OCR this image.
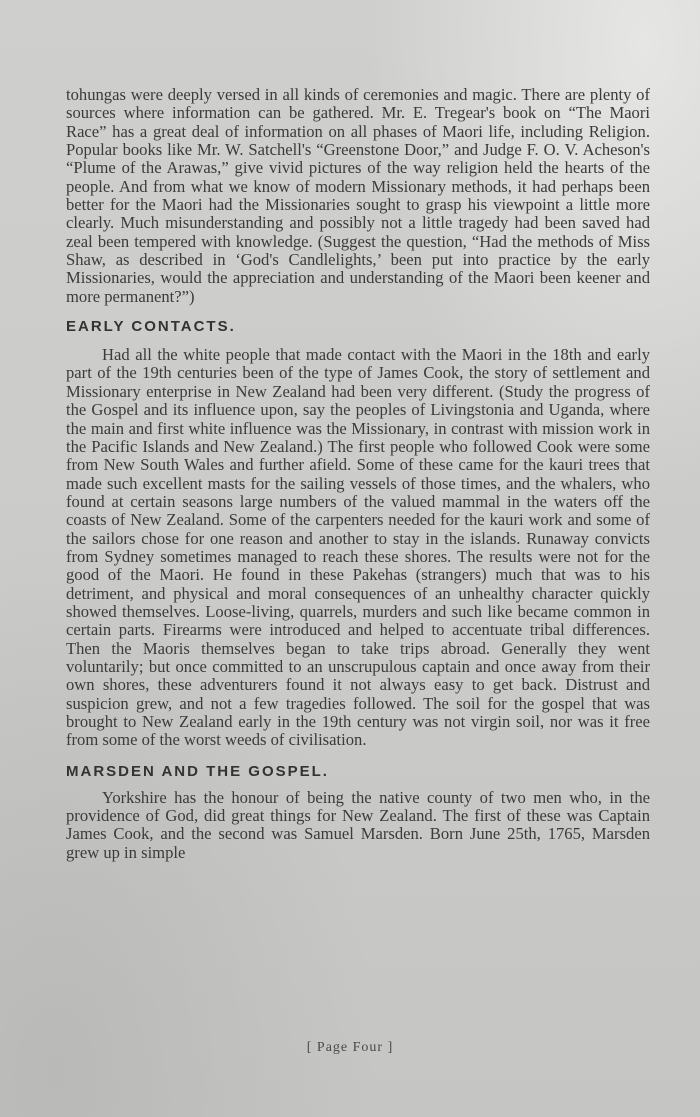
tohungas were deeply versed in all kinds of ceremonies and magic. There are plenty of sources where information can be gathered. Mr. E. Tregear's book on “The Maori Race” has a great deal of information on all phases of Maori life, including Religion. Popular books like Mr. W. Satchell's “Greenstone Door,” and Judge F. O. V. Acheson's “Plume of the Arawas,” give vivid pictures of the way religion held the hearts of the people. And from what we know of modern Missionary methods, it had perhaps been better for the Maori had the Missionaries sought to grasp his viewpoint a little more clearly. Much misunderstanding and possibly not a little tragedy had been saved had zeal been tempered with knowledge. (Suggest the question, “Had the methods of Miss Shaw, as described in ‘God's Candlelights,’ been put into practice by the early Missionaries, would the appreciation and understanding of the Maori been keener and more permanent?”)

EARLY CONTACTS.

Had all the white people that made contact with the Maori in the 18th and early part of the 19th centuries been of the type of James Cook, the story of settlement and Missionary enterprise in New Zealand had been very different. (Study the progress of the Gospel and its influence upon, say the peoples of Livingstonia and Uganda, where the main and first white influence was the Missionary, in contrast with mission work in the Pacific Islands and New Zealand.) The first people who followed Cook were some from New South Wales and further afield. Some of these came for the kauri trees that made such excellent masts for the sailing vessels of those times, and the whalers, who found at certain seasons large numbers of the valued mammal in the waters off the coasts of New Zealand. Some of the carpenters needed for the kauri work and some of the sailors chose for one reason and another to stay in the islands. Runaway convicts from Sydney sometimes managed to reach these shores. The results were not for the good of the Maori. He found in these Pakehas (strangers) much that was to his detriment, and physical and moral consequences of an unhealthy character quickly showed themselves. Loose-living, quarrels, murders and such like became common in certain parts. Firearms were introduced and helped to accentuate tribal differences. Then the Maoris themselves began to take trips abroad. Generally they went voluntarily; but once committed to an unscrupulous captain and once away from their own shores, these adventurers found it not always easy to get back. Distrust and suspicion grew, and not a few tragedies followed. The soil for the gospel that was brought to New Zealand early in the 19th century was not virgin soil, nor was it free from some of the worst weeds of civilisation.

MARSDEN AND THE GOSPEL.

Yorkshire has the honour of being the native county of two men who, in the providence of God, did great things for New Zealand. The first of these was Captain James Cook, and the second was Samuel Marsden. Born June 25th, 1765, Marsden grew up in simple

[ Page Four ]
